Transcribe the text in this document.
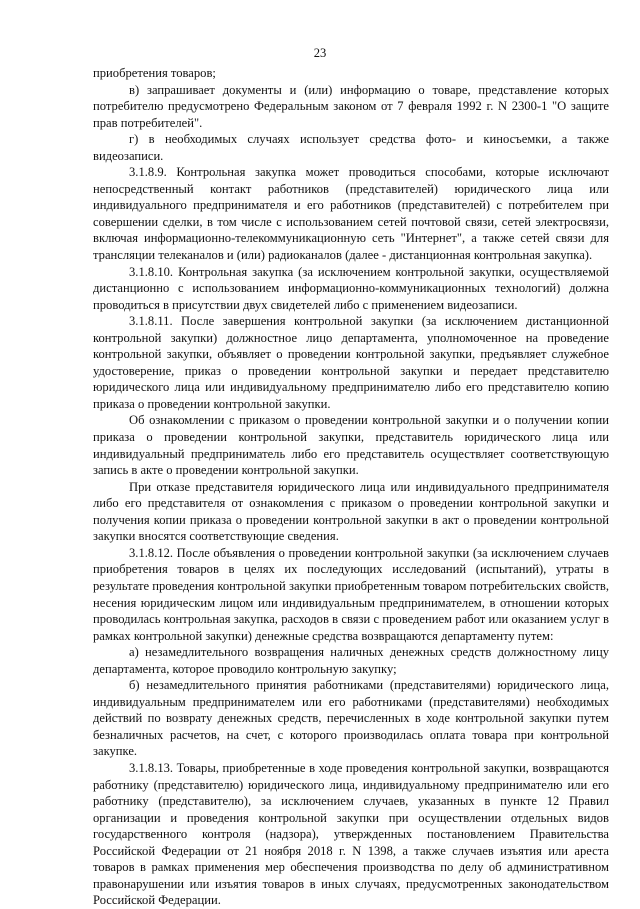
23

приобретения товаров;

в) запрашивает документы и (или) информацию о товаре, представление которых потребителю предусмотрено Федеральным законом от 7 февраля 1992 г. N 2300-1 "О защите прав потребителей".

г) в необходимых случаях использует средства фото- и киносъемки, а также видеозаписи.

3.1.8.9. Контрольная закупка может проводиться способами, которые исключают непосредственный контакт работников (представителей) юридического лица или индивидуального предпринимателя и его работников (представителей) с потребителем при совершении сделки, в том числе с использованием сетей почтовой связи, сетей электросвязи, включая информационно-телекоммуникационную сеть "Интернет", а также сетей связи для трансляции телеканалов и (или) радиоканалов (далее - дистанционная контрольная закупка).

3.1.8.10. Контрольная закупка (за исключением контрольной закупки, осуществляемой дистанционно с использованием информационно-коммуникационных технологий) должна проводиться в присутствии двух свидетелей либо с применением видеозаписи.

3.1.8.11. После завершения контрольной закупки (за исключением дистанционной контрольной закупки) должностное лицо департамента, уполномоченное на проведение контрольной закупки, объявляет о проведении контрольной закупки, предъявляет служебное удостоверение, приказ о проведении контрольной закупки и передает представителю юридического лица или индивидуальному предпринимателю либо его представителю копию приказа о проведении контрольной закупки.

Об ознакомлении с приказом о проведении контрольной закупки и о получении копии приказа о проведении контрольной закупки, представитель юридического лица или индивидуальный предприниматель либо его представитель осуществляет соответствующую запись в акте о проведении контрольной закупки.

При отказе представителя юридического лица или индивидуального предпринимателя либо его представителя от ознакомления с приказом о проведении контрольной закупки и получения копии приказа о проведении контрольной закупки в акт о проведении контрольной закупки вносятся соответствующие сведения.

3.1.8.12. После объявления о проведении контрольной закупки (за исключением случаев приобретения товаров в целях их последующих исследований (испытаний), утраты в результате проведения контрольной закупки приобретенным товаром потребительских свойств, несения юридическим лицом или индивидуальным предпринимателем, в отношении которых проводилась контрольная закупка, расходов в связи с проведением работ или оказанием услуг в рамках контрольной закупки) денежные средства возвращаются департаменту путем:

а) незамедлительного возвращения наличных денежных средств должностному лицу департамента, которое проводило контрольную закупку;

б) незамедлительного принятия работниками (представителями) юридического лица, индивидуальным предпринимателем или его работниками (представителями) необходимых действий по возврату денежных средств, перечисленных в ходе контрольной закупки путем безналичных расчетов, на счет, с которого производилась оплата товара при контрольной закупке.

3.1.8.13. Товары, приобретенные в ходе проведения контрольной закупки, возвращаются работнику (представителю) юридического лица, индивидуальному предпринимателю или его работнику (представителю), за исключением случаев, указанных в пункте 12 Правил организации и проведения контрольной закупки при осуществлении отдельных видов государственного контроля (надзора), утвержденных постановлением Правительства Российской Федерации от 21 ноября 2018 г. N 1398, а также случаев изъятия или ареста товаров в рамках применения мер обеспечения производства по делу об административном правонарушении или изъятия товаров в иных случаях, предусмотренных законодательством Российской Федерации.
